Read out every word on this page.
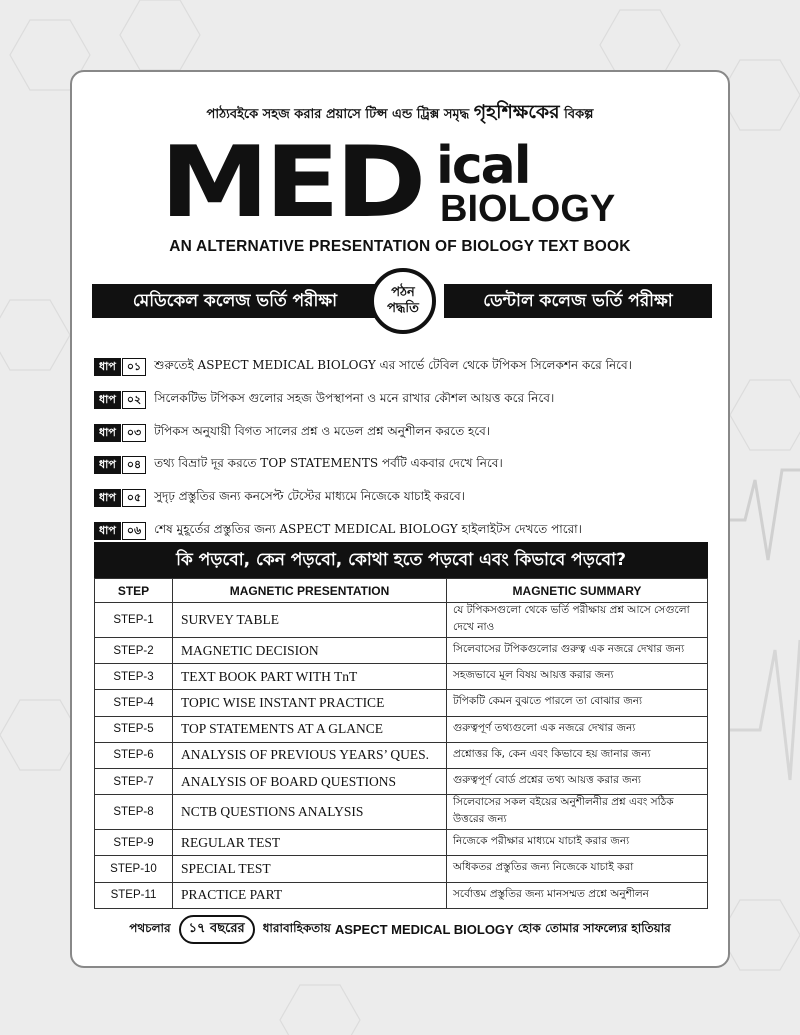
পাঠ্যবইকে সহজ করার প্রয়াসে টিপ্স এন্ড ট্রিক্স সমৃদ্ধ গৃহশিক্ষকের বিকল্প
MED ical
BIOLOGY
AN ALTERNATIVE PRESENTATION OF BIOLOGY TEXT BOOK
মেডিকেল কলেজ ভর্তি পরীক্ষা	ডেন্টাল কলেজ ভর্তি পরীক্ষা
পঠন
পদ্ধতি
ধাপ	০১	শুরুতেই ASPECT MEDICAL BIOLOGY এর সার্ভে টেবিল থেকে টপিকস সিলেকশন করে নিবে।
ধাপ	০২	সিলেকটিভ টপিকস গুলোর সহজ উপস্থাপনা ও মনে রাখার কৌশল আয়ত্ত করে নিবে।
ধাপ	০৩	টপিকস অনুযায়ী বিগত সালের প্রশ্ন ও মডেল প্রশ্ন অনুশীলন করতে হবে।
ধাপ	০৪	তথ্য বিভ্রাট দূর করতে TOP STATEMENTS পর্বটি একবার দেখে নিবে।
ধাপ	০৫	সুদৃঢ় প্রস্তুতির জন্য কনসেপ্ট টেস্টের মাধ্যমে নিজেকে যাচাই করবে।
ধাপ	০৬	শেষ মুহূর্তের প্রস্তুতির জন্য ASPECT MEDICAL BIOLOGY হাইলাইটস দেখতে পারো।
কি পড়বো, কেন পড়বো, কোথা হতে পড়বো এবং কিভাবে পড়বো?
STEP	MAGNETIC PRESENTATION	MAGNETIC SUMMARY
STEP-1	SURVEY TABLE	যে টপিকসগুলো থেকে ভর্তি পরীক্ষায় প্রশ্ন আসে সেগুলো দেখে নাও
STEP-2	MAGNETIC DECISION	সিলেবাসের টপিকগুলোর গুরুত্ব এক নজরে দেখার জন্য
STEP-3	TEXT BOOK PART WITH TnT	সহজভাবে মূল বিষয় আয়ত্ত করার জন্য
STEP-4	TOPIC WISE INSTANT PRACTICE	টপিকটি কেমন বুঝতে পারলে তা বোঝার জন্য
STEP-5	TOP STATEMENTS AT A GLANCE	গুরুত্বপূর্ণ তথ্যগুলো এক নজরে দেখার জন্য
STEP-6	ANALYSIS OF PREVIOUS YEARS’ QUES.	প্রশ্নোত্তর কি, কেন এবং কিভাবে হয় জানার জন্য
STEP-7	ANALYSIS OF BOARD QUESTIONS	গুরুত্বপূর্ণ বোর্ড প্রশ্নের তথ্য আয়ত্ত করার জন্য
STEP-8	NCTB QUESTIONS ANALYSIS	সিলেবাসের সকল বইয়ের অনুশীলনীর প্রশ্ন এবং সঠিক উত্তরের জন্য
STEP-9	REGULAR TEST	নিজেকে পরীক্ষার মাধ্যমে যাচাই করার জন্য
STEP-10	SPECIAL TEST	অধিকতর প্রস্তুতির জন্য নিজেকে যাচাই করা
STEP-11	PRACTICE PART	সর্বোত্তম প্রস্তুতির জন্য মানসম্মত প্রশ্নে অনুশীলন
পথচলার	১৭ বছরের	ধারাবাহিকতায় ASPECT MEDICAL BIOLOGY হোক তোমার সাফল্যের হাতিয়ার
